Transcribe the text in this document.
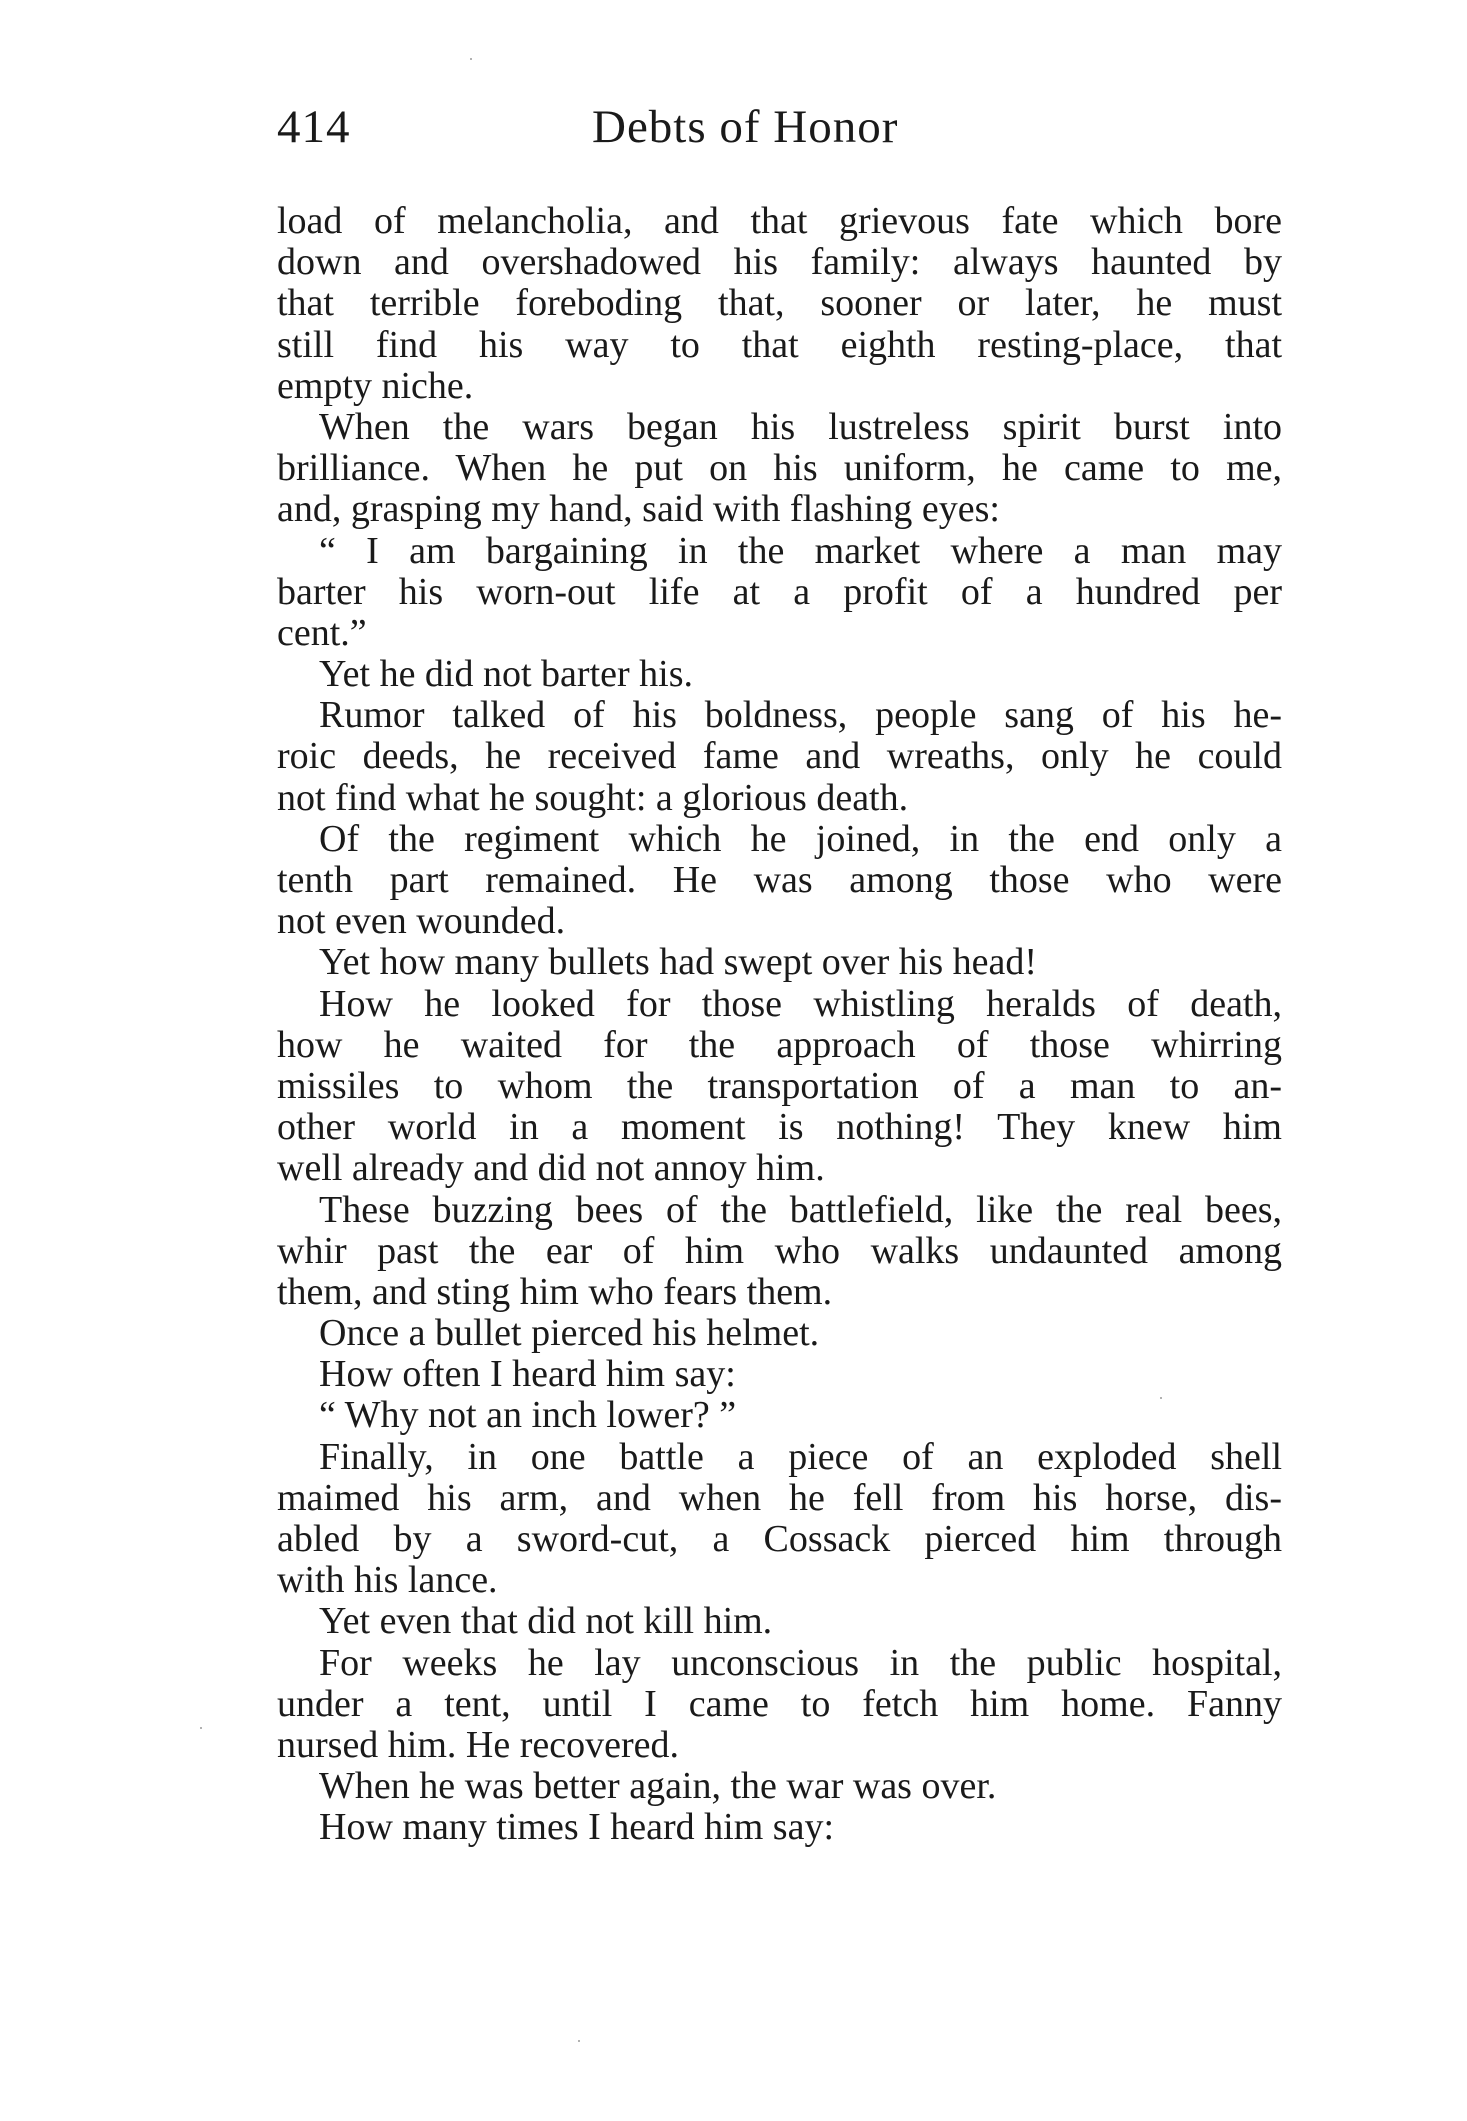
414	Debts of Honor
load of melancholia, and that grievous fate which bore
down and overshadowed his family: always haunted by
that terrible foreboding that, sooner or later, he must
still find his way to that eighth resting-place, that
empty niche.
When the wars began his lustreless spirit burst into
brilliance. When he put on his uniform, he came to me,
and, grasping my hand, said with flashing eyes:
“ I am bargaining in the market where a man may
barter his worn-out life at a profit of a hundred per
cent.”
Yet he did not barter his.
Rumor talked of his boldness, people sang of his he-
roic deeds, he received fame and wreaths, only he could
not find what he sought: a glorious death.
Of the regiment which he joined, in the end only a
tenth part remained. He was among those who were
not even wounded.
Yet how many bullets had swept over his head!
How he looked for those whistling heralds of death,
how he waited for the approach of those whirring
missiles to whom the transportation of a man to an-
other world in a moment is nothing! They knew him
well already and did not annoy him.
These buzzing bees of the battlefield, like the real bees,
whir past the ear of him who walks undaunted among
them, and sting him who fears them.
Once a bullet pierced his helmet.
How often I heard him say:
“ Why not an inch lower? ”
Finally, in one battle a piece of an exploded shell
maimed his arm, and when he fell from his horse, dis-
abled by a sword-cut, a Cossack pierced him through
with his lance.
Yet even that did not kill him.
For weeks he lay unconscious in the public hospital,
under a tent, until I came to fetch him home. Fanny
nursed him. He recovered.
When he was better again, the war was over.
How many times I heard him say:
